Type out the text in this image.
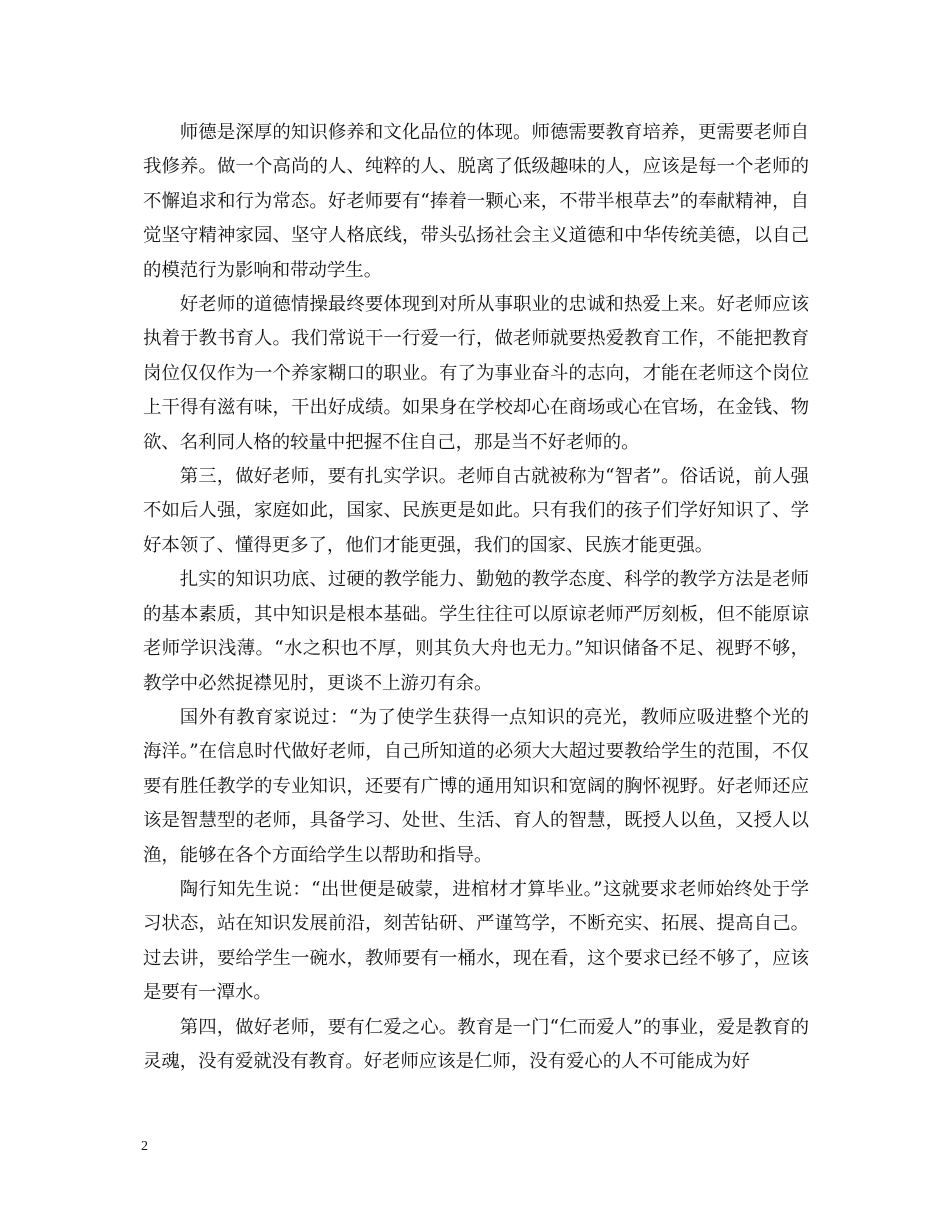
师德是深厚的知识修养和文化品位的体现。师德需要教育培养，更需要老师自我修养。做一个高尚的人、纯粹的人、脱离了低级趣味的人，应该是每一个老师的不懈追求和行为常态。好老师要有“捧着一颗心来，不带半根草去”的奉献精神，自觉坚守精神家园、坚守人格底线，带头弘扬社会主义道德和中华传统美德，以自己的模范行为影响和带动学生。

好老师的道德情操最终要体现到对所从事职业的忠诚和热爱上来。好老师应该执着于教书育人。我们常说干一行爱一行，做老师就要热爱教育工作，不能把教育岗位仅仅作为一个养家糊口的职业。有了为事业奋斗的志向，才能在老师这个岗位上干得有滋有味，干出好成绩。如果身在学校却心在商场或心在官场，在金钱、物欲、名利同人格的较量中把握不住自己，那是当不好老师的。

第三，做好老师，要有扎实学识。老师自古就被称为“智者”。俗话说，前人强不如后人强，家庭如此，国家、民族更是如此。只有我们的孩子们学好知识了、学好本领了、懂得更多了，他们才能更强，我们的国家、民族才能更强。

扎实的知识功底、过硬的教学能力、勤勉的教学态度、科学的教学方法是老师的基本素质，其中知识是根本基础。学生往往可以原谅老师严厉刻板，但不能原谅老师学识浅薄。“水之积也不厚，则其负大舟也无力。”知识储备不足、视野不够，教学中必然捉襟见肘，更谈不上游刃有余。

国外有教育家说过：“为了使学生获得一点知识的亮光，教师应吸进整个光的海洋。”在信息时代做好老师，自己所知道的必须大大超过要教给学生的范围，不仅要有胜任教学的专业知识，还要有广博的通用知识和宽阔的胸怀视野。好老师还应该是智慧型的老师，具备学习、处世、生活、育人的智慧，既授人以鱼，又授人以渔，能够在各个方面给学生以帮助和指导。

陶行知先生说：“出世便是破蒙，进棺材才算毕业。”这就要求老师始终处于学习状态，站在知识发展前沿，刻苦钻研、严谨笃学，不断充实、拓展、提高自己。过去讲，要给学生一碗水，教师要有一桶水，现在看，这个要求已经不够了，应该是要有一潭水。

第四，做好老师，要有仁爱之心。教育是一门“仁而爱人”的事业，爱是教育的灵魂，没有爱就没有教育。好老师应该是仁师，没有爱心的人不可能成为好

2
